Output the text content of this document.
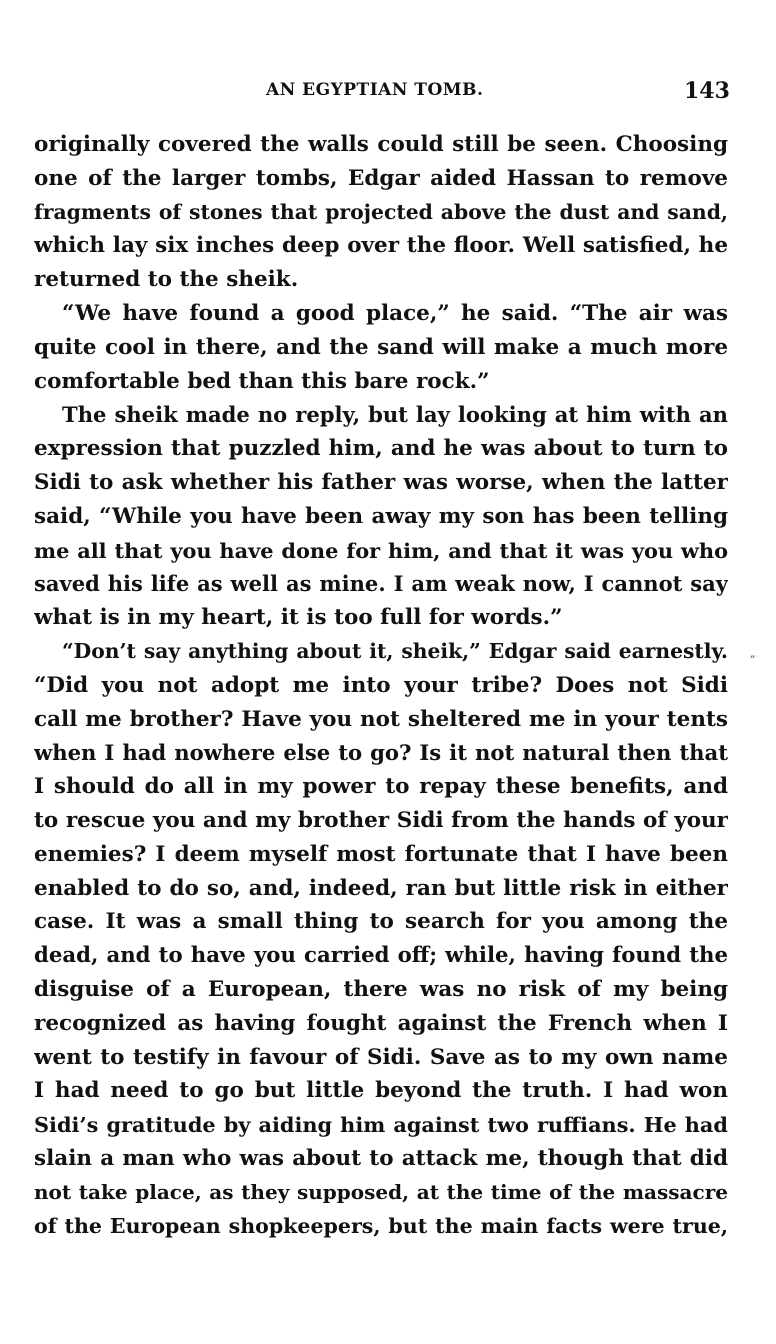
AN EGYPTIAN TOMB.	143
originally covered the walls could still be seen. Choosing
one of the larger tombs, Edgar aided Hassan to remove
fragments of stones that projected above the dust and sand,
which lay six inches deep over the floor. Well satisfied, he
returned to the sheik.
“We have found a good place,” he said. “The air was
quite cool in there, and the sand will make a much more
comfortable bed than this bare rock.”
The sheik made no reply, but lay looking at him with an
expression that puzzled him, and he was about to turn to
Sidi to ask whether his father was worse, when the latter
said, “While you have been away my son has been telling
me all that you have done for him, and that it was you who
saved his life as well as mine. I am weak now, I cannot say
what is in my heart, it is too full for words.”
“Don’t say anything about it, sheik,” Edgar said earnestly.
“Did you not adopt me into your tribe? Does not Sidi
call me brother? Have you not sheltered me in your tents
when I had nowhere else to go? Is it not natural then that
I should do all in my power to repay these benefits, and
to rescue you and my brother Sidi from the hands of your
enemies? I deem myself most fortunate that I have been
enabled to do so, and, indeed, ran but little risk in either
case. It was a small thing to search for you among the
dead, and to have you carried off; while, having found the
disguise of a European, there was no risk of my being
recognized as having fought against the French when I
went to testify in favour of Sidi. Save as to my own name
I had need to go but little beyond the truth. I had won
Sidi’s gratitude by aiding him against two ruffians. He had
slain a man who was about to attack me, though that did
not take place, as they supposed, at the time of the massacre
of the European shopkeepers, but the main facts were true,
″
